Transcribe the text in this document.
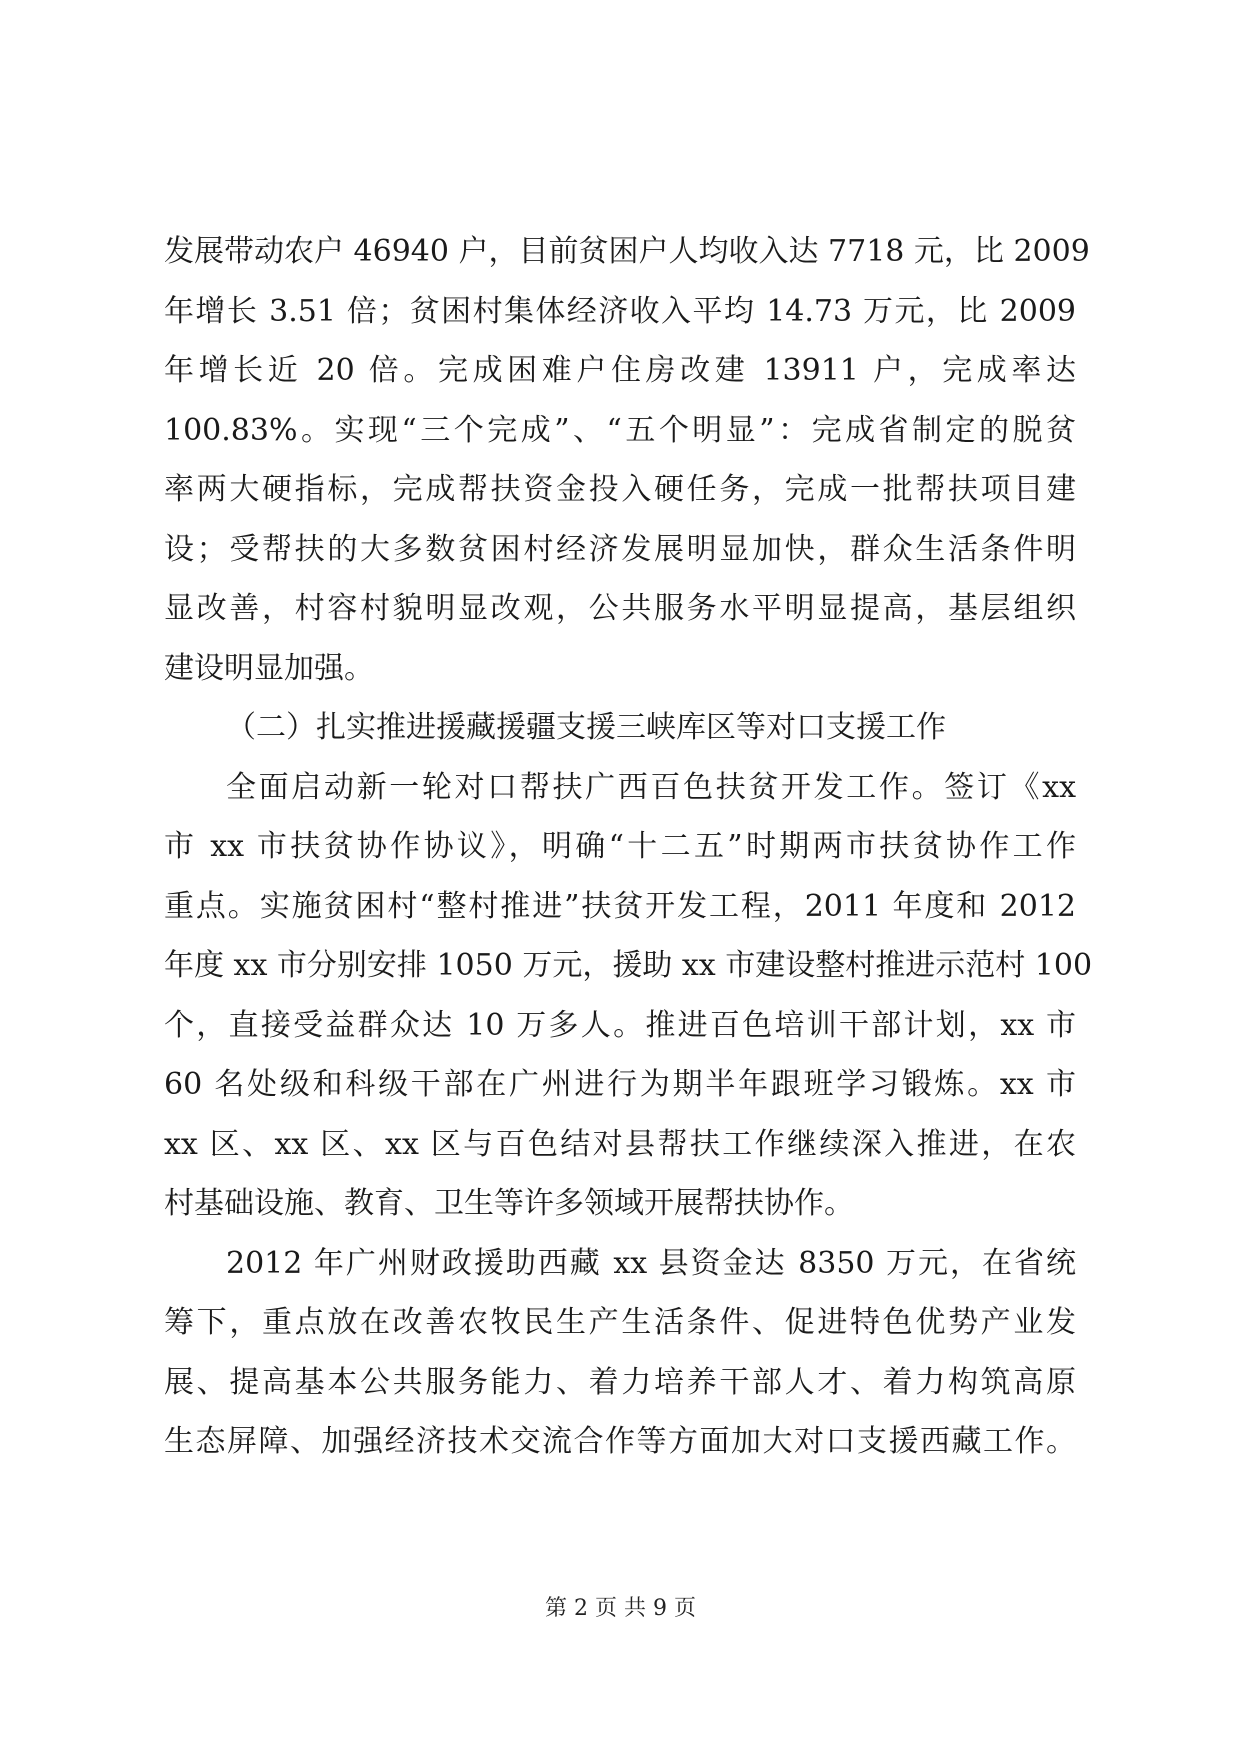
发展带动农户 46940 户，目前贫困户人均收入达 7718 元，比 2009
年增长 3.51 倍；贫困村集体经济收入平均 14.73 万元，比 2009
年增长近 20 倍。完成困难户住房改建 13911 户，完成率达
100.83%。实现“三个完成”、“五个明显”：完成省制定的脱贫
率两大硬指标，完成帮扶资金投入硬任务，完成一批帮扶项目建
设；受帮扶的大多数贫困村经济发展明显加快，群众生活条件明
显改善，村容村貌明显改观，公共服务水平明显提高，基层组织
建设明显加强。
（二）扎实推进援藏援疆支援三峡库区等对口支援工作
全面启动新一轮对口帮扶广西百色扶贫开发工作。签订《xx
市 xx 市扶贫协作协议》，明确“十二五”时期两市扶贫协作工作
重点。实施贫困村“整村推进”扶贫开发工程，2011 年度和 2012
年度 xx 市分别安排 1050 万元，援助 xx 市建设整村推进示范村 100
个，直接受益群众达 10 万多人。推进百色培训干部计划，xx 市
60 名处级和科级干部在广州进行为期半年跟班学习锻炼。xx 市
xx 区、xx 区、xx 区与百色结对县帮扶工作继续深入推进，在农
村基础设施、教育、卫生等许多领域开展帮扶协作。
2012 年广州财政援助西藏 xx 县资金达 8350 万元，在省统
筹下，重点放在改善农牧民生产生活条件、促进特色优势产业发
展、提高基本公共服务能力、着力培养干部人才、着力构筑高原
生态屏障、加强经济技术交流合作等方面加大对口支援西藏工作。
第 2 页 共 9 页
